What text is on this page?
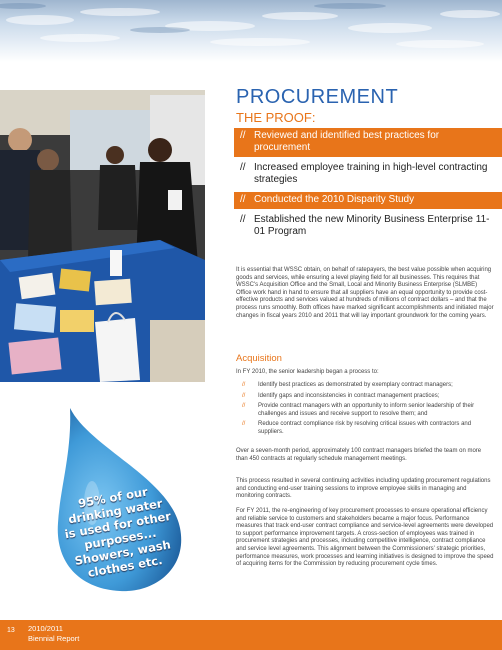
95% of our drinking water is used for other purposes... Showers, wash clothes etc.
PROCUREMENT
THE PROOF:
// Reviewed and identified best practices for procurement
// Increased employee training in high-level contracting strategies
// Conducted the 2010 Disparity Study
// Established the new Minority Business Enterprise 11-01 Program
It is essential that WSSC obtain, on behalf of ratepayers, the best value possible when acquiring goods and services, while ensuring a level playing field for all businesses. This requires that WSSC's Acquisition Office and the Small, Local and Minority Business Enterprise (SLMBE) Office work hand in hand to ensure that all suppliers have an equal opportunity to provide cost-effective products and services valued at hundreds of millions of contract dollars – and that the process runs smoothly. Both offices have marked significant accomplishments and initiated major changes in fiscal years 2010 and 2011 that will lay important groundwork for the coming years.
Acquisition
In FY 2010, the senior leadership began a process to:
// Identify best practices as demonstrated by exemplary contract managers;
// Identify gaps and inconsistencies in contract management practices;
// Provide contract managers with an opportunity to inform senior leadership of their challenges and issues and receive support to resolve them; and
// Reduce contract compliance risk by resolving critical issues with contractors and suppliers.
Over a seven-month period, approximately 100 contract managers briefed the team on more than 450 contracts at regularly schedule management meetings.
This process resulted in several continuing activities including updating procurement regulations and conducting end-user training sessions to improve employee skills in managing and monitoring contracts.
For FY 2011, the re-engineering of key procurement processes to ensure operational efficiency and reliable service to customers and stakeholders became a major focus. Performance measures that track end-user contract compliance and service-level agreements were developed to support performance improvement targets. A cross-section of employees was trained in procurement strategies and processes, including competitive intelligence, contract compliance and service level agreements. This alignment between the Commissioners' strategic priorities, performance measures, work processes and learning initiatives is designed to improve the speed of acquiring items for the Commission by reducing procurement cycle times.
13 2010/2011
Biennial Report
